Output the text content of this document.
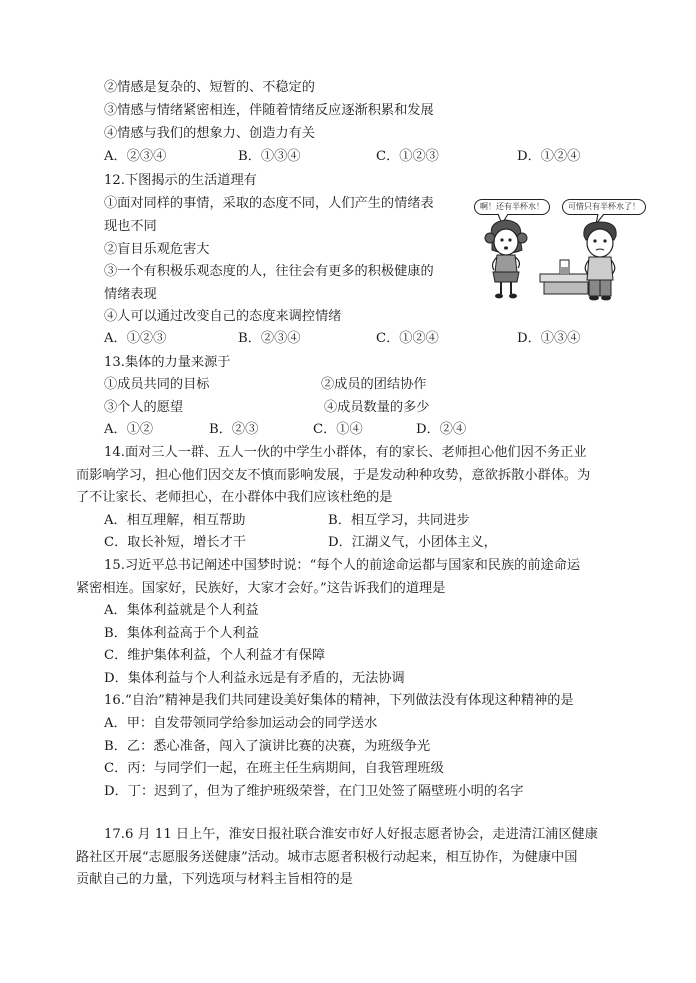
②情感是复杂的、短暂的、不稳定的
③情感与情绪紧密相连，伴随着情绪反应逐渐积累和发展
④情感与我们的想象力、创造力有关
A．②③④	B．①③④	C．①②③	D．①②④
12.下图揭示的生活道理有
①面对同样的事情，采取的态度不同，人们产生的情绪表
现也不同
②盲目乐观危害大
③一个有积极乐观态度的人，往往会有更多的积极健康的
情绪表现
④人可以通过改变自己的态度来调控情绪
A．①②③	B．②③④	C．①②④	D．①③④
啊！还有半杯水！	可惜只有半杯水了！
13.集体的力量来源于
①成员共同的目标	②成员的团结协作
③个人的愿望	④成员数量的多少
A．①②	B．②③	C．①④	D．②④
14.面对三人一群、五人一伙的中学生小群体，有的家长、老师担心他们因不务正业
而影响学习，担心他们因交友不慎而影响发展，于是发动种种攻势，意欲拆散小群体。为
了不让家长、老师担心，在小群体中我们应该杜绝的是
A．相互理解，相互帮助	B．相互学习，共同进步
C．取长补短，增长才干	D．江湖义气，小团体主义，
15.习近平总书记阐述中国梦时说：“每个人的前途命运都与国家和民族的前途命运
紧密相连。国家好，民族好，大家才会好。”这告诉我们的道理是
A．集体利益就是个人利益
B．集体利益高于个人利益
C．维护集体利益，个人利益才有保障
D．集体利益与个人利益永远是有矛盾的，无法协调
16.“自治”精神是我们共同建设美好集体的精神，下列做法没有体现这种精神的是
A．甲：自发带领同学给参加运动会的同学送水
B．乙：悉心准备，闯入了演讲比赛的决赛，为班级争光
C．丙：与同学们一起，在班主任生病期间，自我管理班级
D．丁：迟到了，但为了维护班级荣誉，在门卫处签了隔壁班小明的名字
17.6 月 11 日上午，淮安日报社联合淮安市好人好报志愿者协会，走进清江浦区健康
路社区开展“志愿服务送健康”活动。城市志愿者积极行动起来，相互协作，为健康中国
贡献自己的力量，下列选项与材料主旨相符的是
